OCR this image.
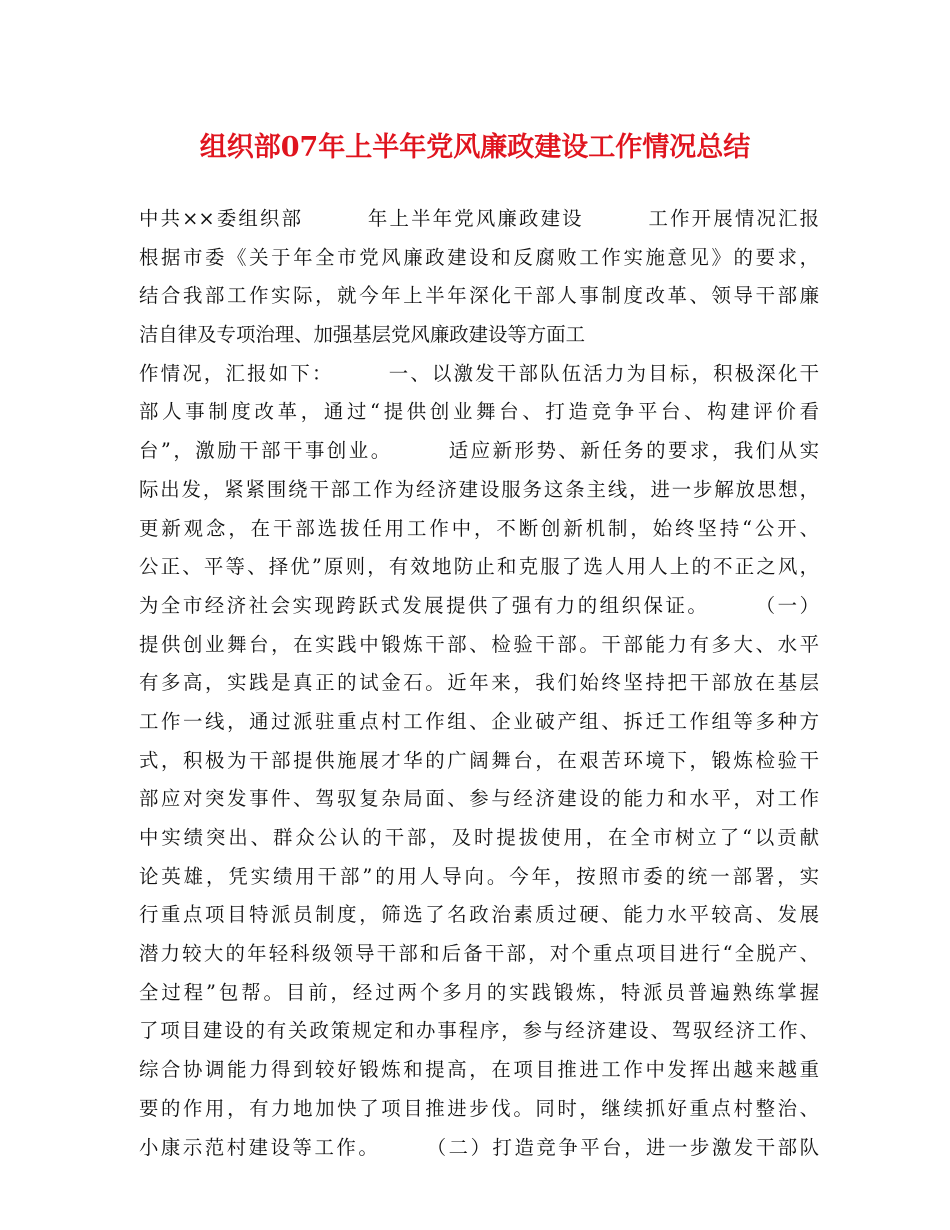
组织部07年上半年党风廉政建设工作情况总结
中共××委组织部　　　年上半年党风廉政建设　　　工作开展情况汇报
根据市委《关于年全市党风廉政建设和反腐败工作实施意见》的要求，
结合我部工作实际，就今年上半年深化干部人事制度改革、领导干部廉
洁自律及专项治理、加强基层党风廉政建设等方面工
作情况，汇报如下：　　　一、以激发干部队伍活力为目标，积极深化干
部人事制度改革，通过“提供创业舞台、打造竞争平台、构建评价看
台”，激励干部干事创业。　　　适应新形势、新任务的要求，我们从实
际出发，紧紧围绕干部工作为经济建设服务这条主线，进一步解放思想，
更新观念，在干部选拔任用工作中，不断创新机制，始终坚持“公开、
公正、平等、择优”原则，有效地防止和克服了选人用人上的不正之风，
为全市经济社会实现跨跃式发展提供了强有力的组织保证。　　　（一）
提供创业舞台，在实践中锻炼干部、检验干部。干部能力有多大、水平
有多高，实践是真正的试金石。近年来，我们始终坚持把干部放在基层
工作一线，通过派驻重点村工作组、企业破产组、拆迁工作组等多种方
式，积极为干部提供施展才华的广阔舞台，在艰苦环境下，锻炼检验干
部应对突发事件、驾驭复杂局面、参与经济建设的能力和水平，对工作
中实绩突出、群众公认的干部，及时提拔使用，在全市树立了“以贡献
论英雄，凭实绩用干部”的用人导向。今年，按照市委的统一部署，实
行重点项目特派员制度，筛选了名政治素质过硬、能力水平较高、发展
潜力较大的年轻科级领导干部和后备干部，对个重点项目进行“全脱产、
全过程”包帮。目前，经过两个多月的实践锻炼，特派员普遍熟练掌握
了项目建设的有关政策规定和办事程序，参与经济建设、驾驭经济工作、
综合协调能力得到较好锻炼和提高，在项目推进工作中发挥出越来越重
要的作用，有力地加快了项目推进步伐。同时，继续抓好重点村整治、
小康示范村建设等工作。　　　（二）打造竞争平台，进一步激发干部队
